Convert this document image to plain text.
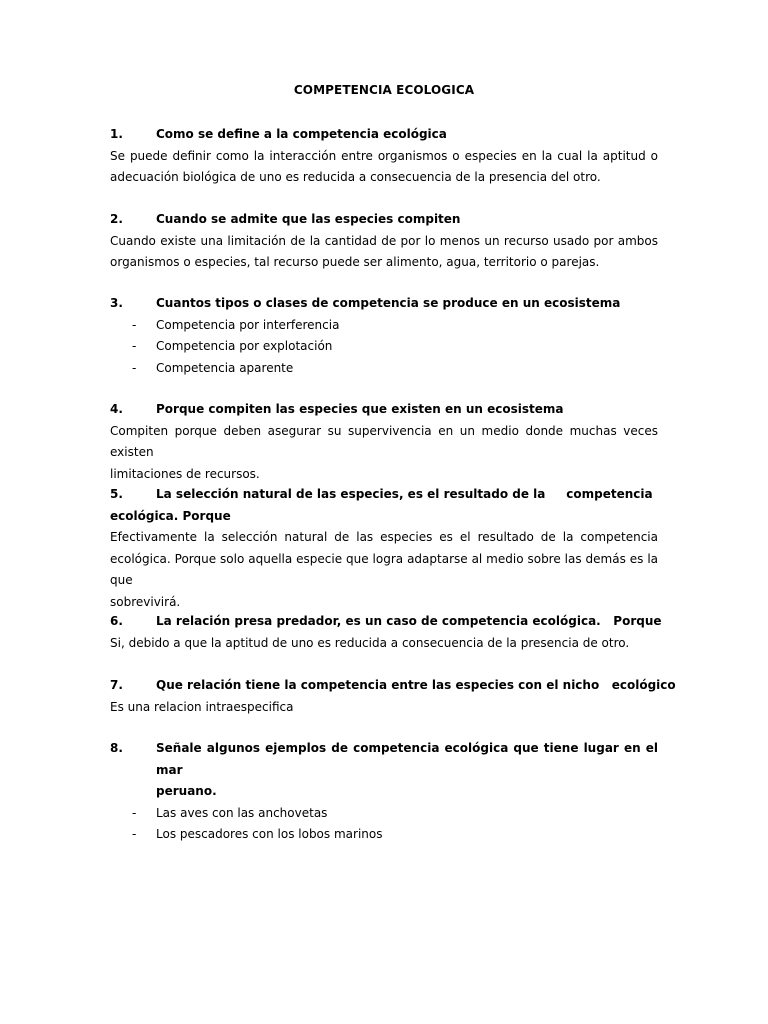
COMPETENCIA ECOLOGICA
1.	Como se define a la competencia ecológica
Se puede definir como la interacción entre organismos o especies en la cual la aptitud o
adecuación biológica de uno es reducida a consecuencia de la presencia del otro.
2.	Cuando se admite que las especies compiten
Cuando existe una limitación de la cantidad de por lo menos un recurso usado por ambos
organismos o especies, tal recurso puede ser alimento, agua, territorio o parejas.
3.	Cuantos tipos o clases de competencia se produce en un ecosistema
- Competencia por interferencia
- Competencia por explotación
- Competencia aparente
4.	Porque compiten las especies que existen en un ecosistema
Compiten porque deben asegurar su supervivencia en un medio donde muchas veces existen
limitaciones de recursos.
5.	La selección natural de las especies, es el resultado de la     competencia
ecológica. Porque
Efectivamente la selección natural de las especies es el resultado de la competencia
ecológica. Porque solo aquella especie que logra adaptarse al medio sobre las demás es la que
sobrevivirá.
6.	La relación presa predador, es un caso de competencia ecológica.   Porque
Si, debido a que la aptitud de uno es reducida a consecuencia de la presencia de otro.
7.	Que relación tiene la competencia entre las especies con el nicho   ecológico
Es una relacion intraespecifica
8.	Señale algunos ejemplos de competencia ecológica que tiene lugar en el mar
peruano.
- Las aves con las anchovetas
- Los pescadores con los lobos marinos
